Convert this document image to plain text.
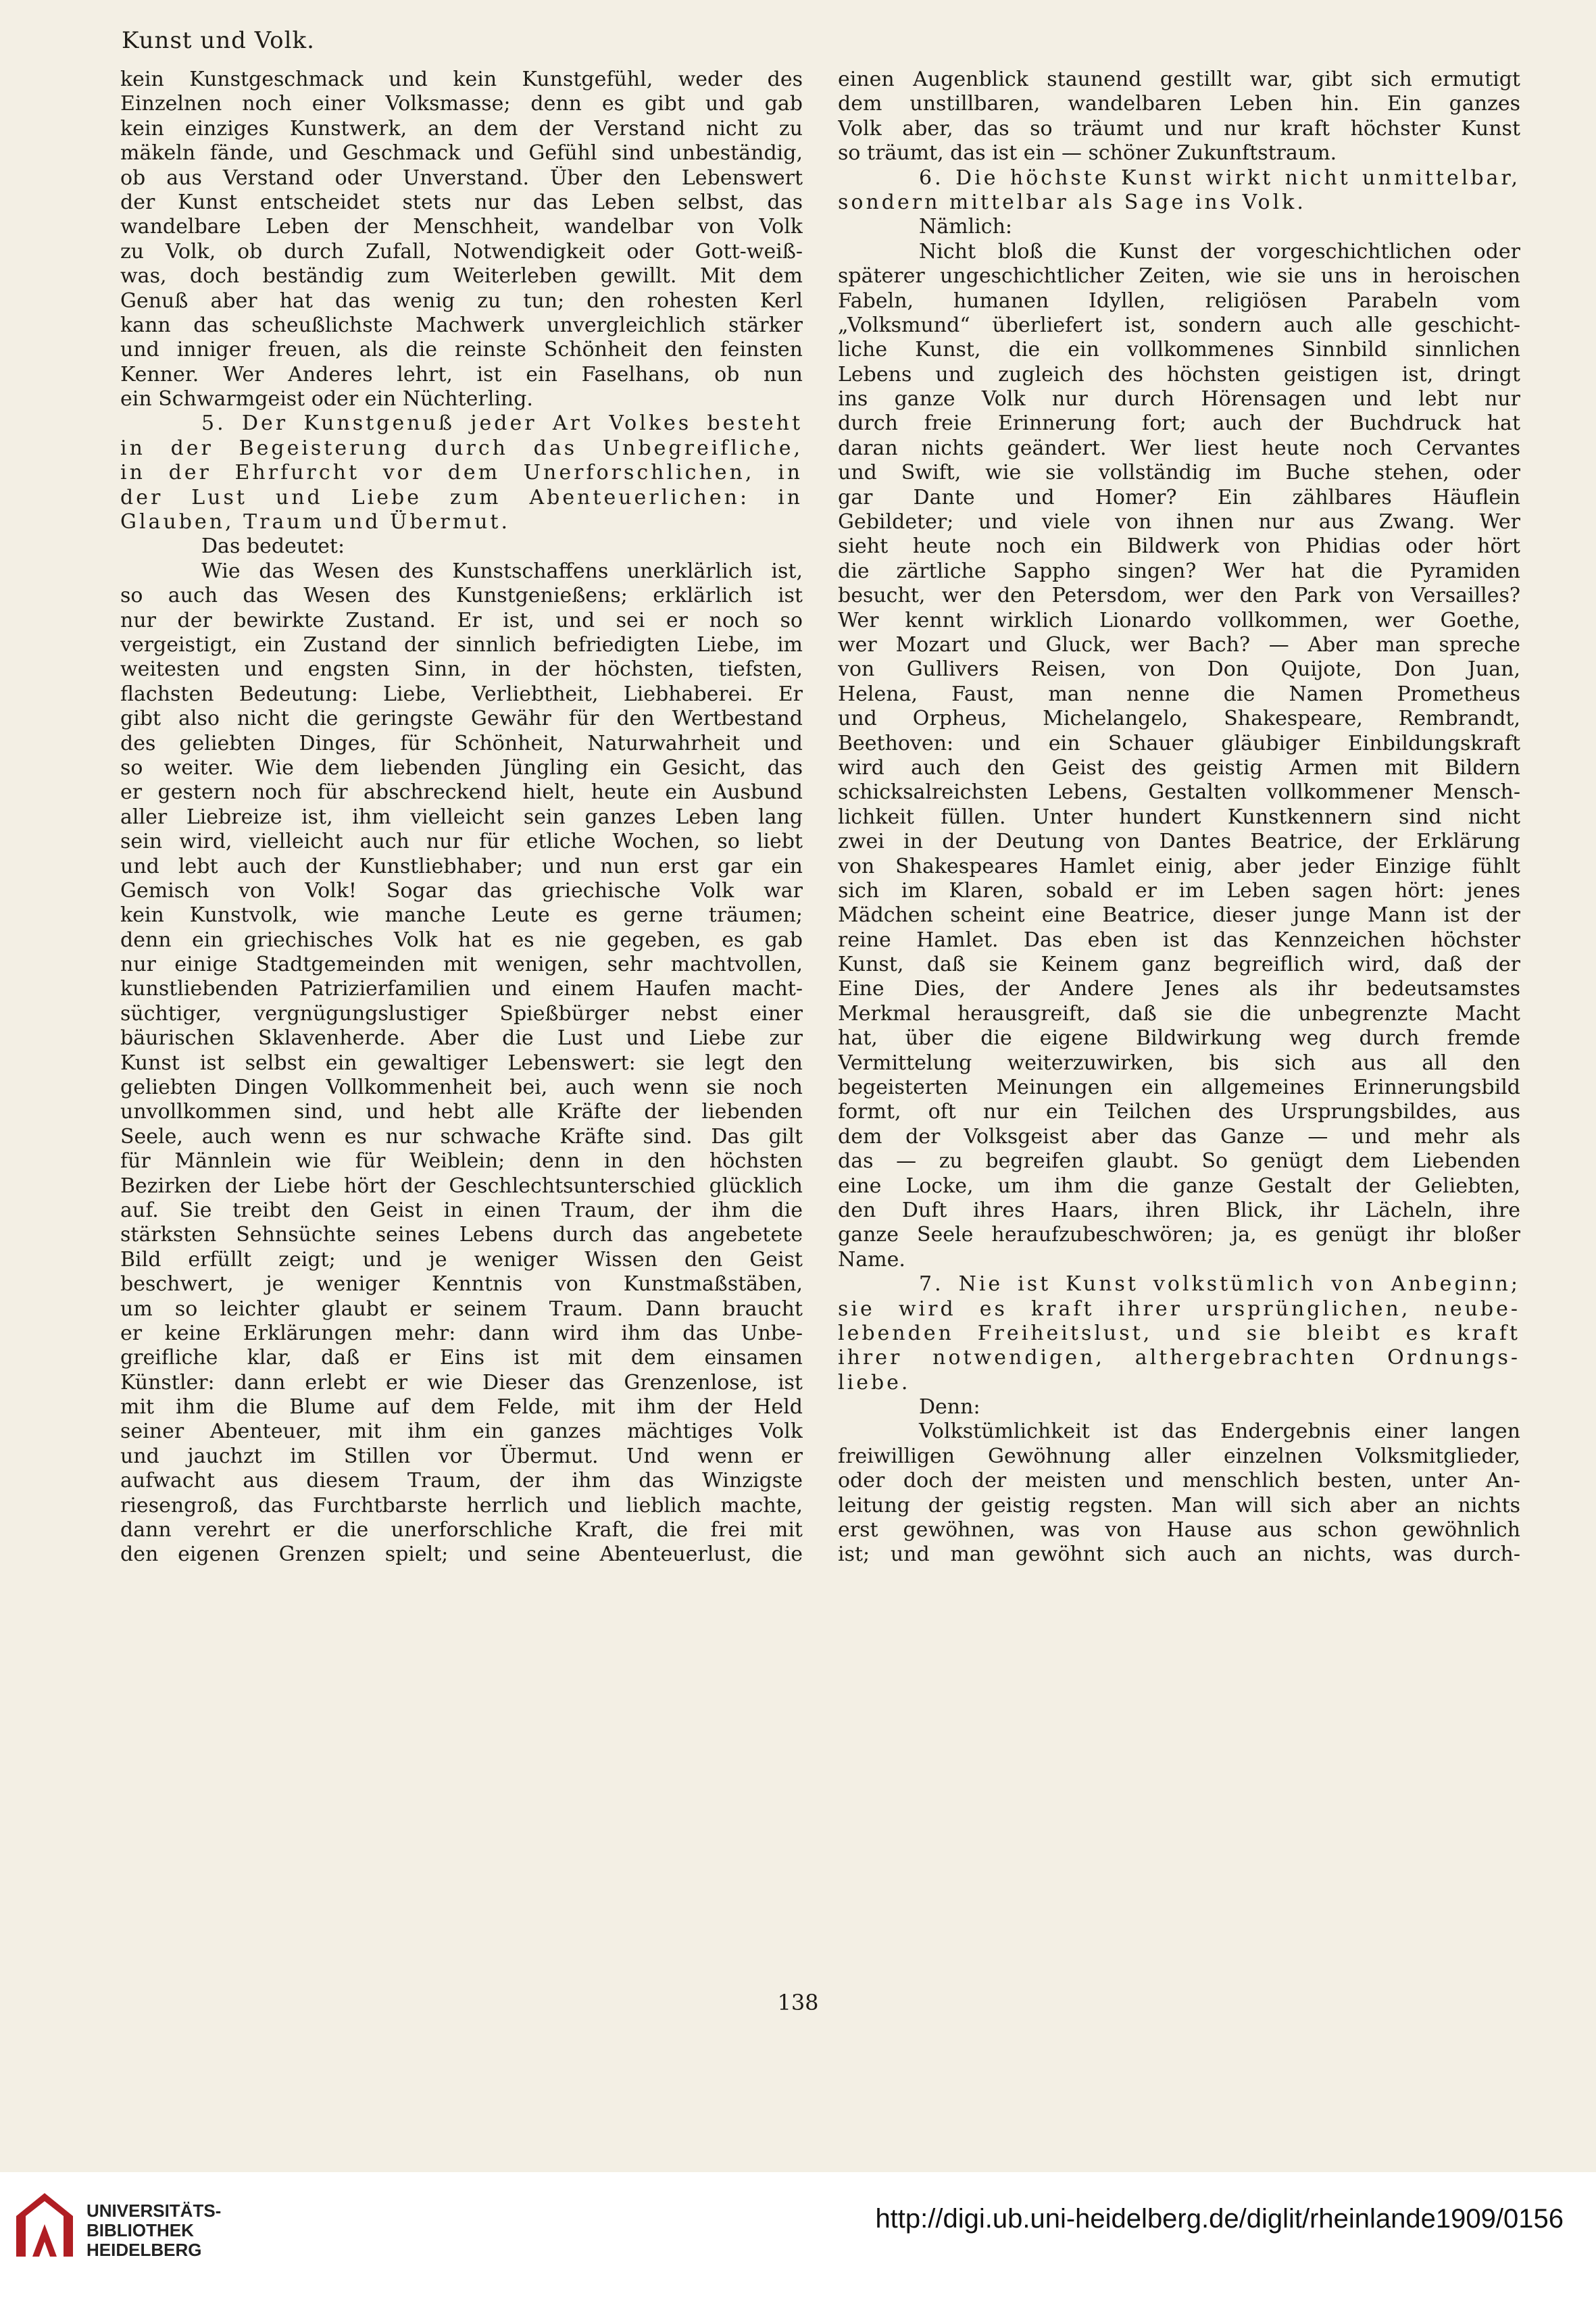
Kunst und Volk.
kein Kunstgeschmack und kein Kunstgefühl, weder des
Einzelnen noch einer Volksmasse; denn es gibt und gab
kein einziges Kunstwerk, an dem der Verstand nicht zu
mäkeln fände, und Geschmack und Gefühl sind unbeständig,
ob aus Verstand oder Unverstand. Über den Lebenswert
der Kunst entscheidet stets nur das Leben selbst, das
wandelbare Leben der Menschheit, wandelbar von Volk
zu Volk, ob durch Zufall, Notwendigkeit oder Gott-weiß-
was, doch beständig zum Weiterleben gewillt. Mit dem
Genuß aber hat das wenig zu tun; den rohesten Kerl
kann das scheußlichste Machwerk unvergleichlich stärker
und inniger freuen, als die reinste Schönheit den feinsten
Kenner. Wer Anderes lehrt, ist ein Faselhans, ob nun
ein Schwarmgeist oder ein Nüchterling.
5. Der Kunstgenuß jeder Art Volkes besteht
in der Begeisterung durch das Unbegreifliche,
in der Ehrfurcht vor dem Unerforschlichen, in
der Lust und Liebe zum Abenteuerlichen: in
Glauben, Traum und Übermut.
Das bedeutet:
Wie das Wesen des Kunstschaffens unerklärlich ist,
so auch das Wesen des Kunstgenießens; erklärlich ist
nur der bewirkte Zustand. Er ist, und sei er noch so
vergeistigt, ein Zustand der sinnlich befriedigten Liebe, im
weitesten und engsten Sinn, in der höchsten, tiefsten,
flachsten Bedeutung: Liebe, Verliebtheit, Liebhaberei. Er
gibt also nicht die geringste Gewähr für den Wertbestand
des geliebten Dinges, für Schönheit, Naturwahrheit und
so weiter. Wie dem liebenden Jüngling ein Gesicht, das
er gestern noch für abschreckend hielt, heute ein Ausbund
aller Liebreize ist, ihm vielleicht sein ganzes Leben lang
sein wird, vielleicht auch nur für etliche Wochen, so liebt
und lebt auch der Kunstliebhaber; und nun erst gar ein
Gemisch von Volk! Sogar das griechische Volk war
kein Kunstvolk, wie manche Leute es gerne träumen;
denn ein griechisches Volk hat es nie gegeben, es gab
nur einige Stadtgemeinden mit wenigen, sehr machtvollen,
kunstliebenden Patrizierfamilien und einem Haufen macht-
süchtiger, vergnügungslustiger Spießbürger nebst einer
bäurischen Sklavenherde. Aber die Lust und Liebe zur
Kunst ist selbst ein gewaltiger Lebenswert: sie legt den
geliebten Dingen Vollkommenheit bei, auch wenn sie noch
unvollkommen sind, und hebt alle Kräfte der liebenden
Seele, auch wenn es nur schwache Kräfte sind. Das gilt
für Männlein wie für Weiblein; denn in den höchsten
Bezirken der Liebe hört der Geschlechtsunterschied glücklich
auf. Sie treibt den Geist in einen Traum, der ihm die
stärksten Sehnsüchte seines Lebens durch das angebetete
Bild erfüllt zeigt; und je weniger Wissen den Geist
beschwert, je weniger Kenntnis von Kunstmaßstäben,
um so leichter glaubt er seinem Traum. Dann braucht
er keine Erklärungen mehr: dann wird ihm das Unbe-
greifliche klar, daß er Eins ist mit dem einsamen
Künstler: dann erlebt er wie Dieser das Grenzenlose, ist
mit ihm die Blume auf dem Felde, mit ihm der Held
seiner Abenteuer, mit ihm ein ganzes mächtiges Volk
und jauchzt im Stillen vor Übermut. Und wenn er
aufwacht aus diesem Traum, der ihm das Winzigste
riesengroß, das Furchtbarste herrlich und lieblich machte,
dann verehrt er die unerforschliche Kraft, die frei mit
den eigenen Grenzen spielt; und seine Abenteuerlust, die
einen Augenblick staunend gestillt war, gibt sich ermutigt
dem unstillbaren, wandelbaren Leben hin. Ein ganzes
Volk aber, das so träumt und nur kraft höchster Kunst
so träumt, das ist ein — schöner Zukunftstraum.
6. Die höchste Kunst wirkt nicht unmittelbar,
sondern mittelbar als Sage ins Volk.
Nämlich:
Nicht bloß die Kunst der vorgeschichtlichen oder
späterer ungeschichtlicher Zeiten, wie sie uns in heroischen
Fabeln, humanen Idyllen, religiösen Parabeln vom
„Volksmund“ überliefert ist, sondern auch alle geschicht-
liche Kunst, die ein vollkommenes Sinnbild sinnlichen
Lebens und zugleich des höchsten geistigen ist, dringt
ins ganze Volk nur durch Hörensagen und lebt nur
durch freie Erinnerung fort; auch der Buchdruck hat
daran nichts geändert. Wer liest heute noch Cervantes
und Swift, wie sie vollständig im Buche stehen, oder
gar Dante und Homer? Ein zählbares Häuflein
Gebildeter; und viele von ihnen nur aus Zwang. Wer
sieht heute noch ein Bildwerk von Phidias oder hört
die zärtliche Sappho singen? Wer hat die Pyramiden
besucht, wer den Petersdom, wer den Park von Versailles?
Wer kennt wirklich Lionardo vollkommen, wer Goethe,
wer Mozart und Gluck, wer Bach? — Aber man spreche
von Gullivers Reisen, von Don Quijote, Don Juan,
Helena, Faust, man nenne die Namen Prometheus
und Orpheus, Michelangelo, Shakespeare, Rembrandt,
Beethoven: und ein Schauer gläubiger Einbildungskraft
wird auch den Geist des geistig Armen mit Bildern
schicksalreichsten Lebens, Gestalten vollkommener Mensch-
lichkeit füllen. Unter hundert Kunstkennern sind nicht
zwei in der Deutung von Dantes Beatrice, der Erklärung
von Shakespeares Hamlet einig, aber jeder Einzige fühlt
sich im Klaren, sobald er im Leben sagen hört: jenes
Mädchen scheint eine Beatrice, dieser junge Mann ist der
reine Hamlet. Das eben ist das Kennzeichen höchster
Kunst, daß sie Keinem ganz begreiflich wird, daß der
Eine Dies, der Andere Jenes als ihr bedeutsamstes
Merkmal herausgreift, daß sie die unbegrenzte Macht
hat, über die eigene Bildwirkung weg durch fremde
Vermittelung weiterzuwirken, bis sich aus all den
begeisterten Meinungen ein allgemeines Erinnerungsbild
formt, oft nur ein Teilchen des Ursprungsbildes, aus
dem der Volksgeist aber das Ganze — und mehr als
das — zu begreifen glaubt. So genügt dem Liebenden
eine Locke, um ihm die ganze Gestalt der Geliebten,
den Duft ihres Haars, ihren Blick, ihr Lächeln, ihre
ganze Seele heraufzubeschwören; ja, es genügt ihr bloßer
Name.
7. Nie ist Kunst volkstümlich von Anbeginn;
sie wird es kraft ihrer ursprünglichen, neube-
lebenden Freiheitslust, und sie bleibt es kraft
ihrer notwendigen, althergebrachten Ordnungs-
liebe.
Denn:
Volkstümlichkeit ist das Endergebnis einer langen
freiwilligen Gewöhnung aller einzelnen Volksmitglieder,
oder doch der meisten und menschlich besten, unter An-
leitung der geistig regsten. Man will sich aber an nichts
erst gewöhnen, was von Hause aus schon gewöhnlich
ist; und man gewöhnt sich auch an nichts, was durch-
138
UNIVERSITÄTS-
BIBLIOTHEK
HEIDELBERG
http://digi.ub.uni-heidelberg.de/diglit/rheinlande1909/0156
